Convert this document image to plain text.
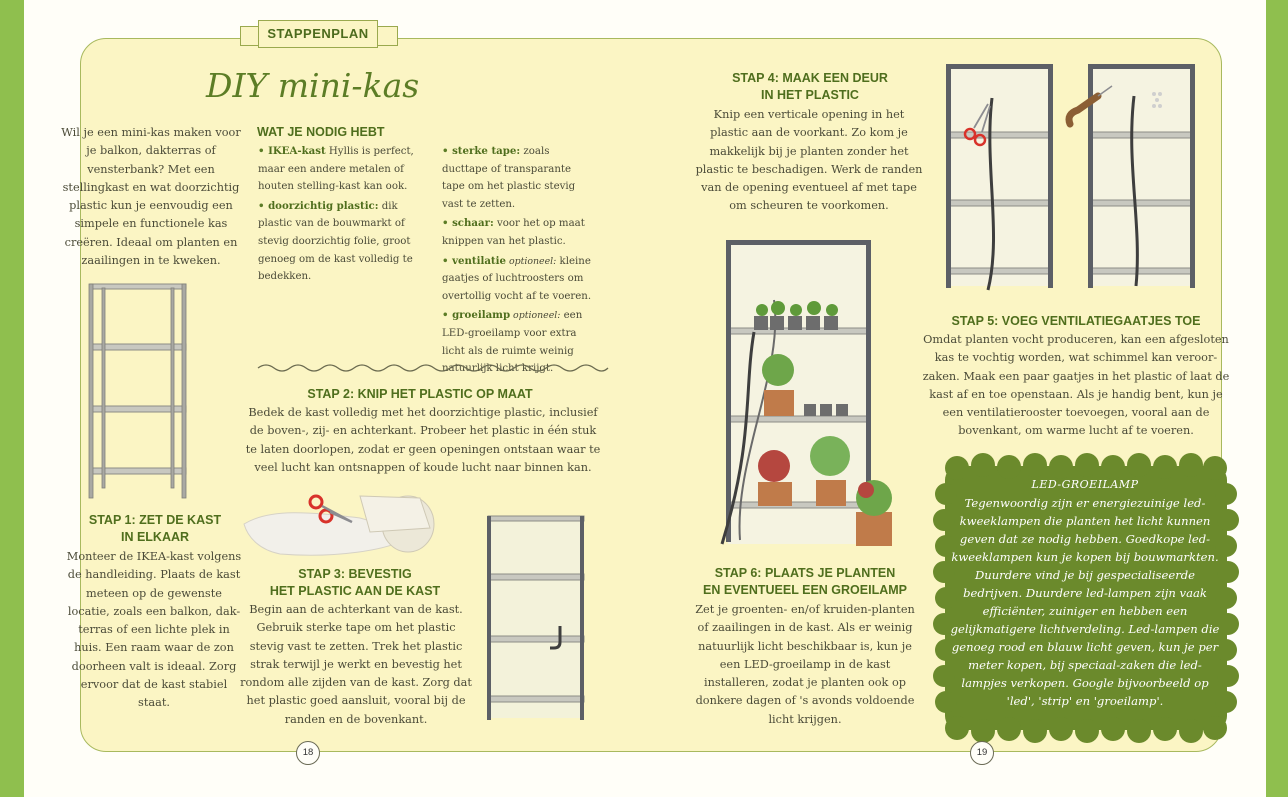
STAPPENPLAN
DIY mini-kas
Wil je een mini-kas maken voor je balkon, dakterras of vensterbank? Met een stellingkast en wat doorzichtig plastic kun je eenvoudig een simpele en functionele kas creëren. Ideaal om planten en zaailingen in te kweken.
WAT JE NODIG HEBT
• IKEA-kast Hyllis is perfect, maar een andere metalen of houten stelling-kast kan ook.
• doorzichtig plastic: dik plastic van de bouwmarkt of stevig doorzichtig folie, groot genoeg om de kast volledig te bedekken.
• sterke tape: zoals ducttape of transparante tape om het plastic stevig vast te zetten.
• schaar: voor het op maat knippen van het plastic.
• ventilatie optioneel: kleine gaatjes of luchtroosters om overtollig vocht af te voeren.
• groeilamp optioneel: een LED-groeilamp voor extra licht als de ruimte weinig natuurlijk licht krijgt.
STAP 1: ZET DE KAST
IN ELKAAR
Monteer de IKEA-kast volgens de handleiding. Plaats de kast meteen op de gewenste locatie, zoals een balkon, dak-terras of een lichte plek in huis. Een raam waar de zon doorheen valt is ideaal. Zorg ervoor dat de kast stabiel staat.
STAP 2: KNIP HET PLASTIC OP MAAT
Bedek de kast volledig met het doorzichtige plastic, inclusief de boven-, zij- en achterkant. Probeer het plastic in één stuk te laten doorlopen, zodat er geen openingen ontstaan waar te veel lucht kan ontsnappen of koude lucht naar binnen kan.
STAP 3: BEVESTIG
HET PLASTIC AAN DE KAST
Begin aan de achterkant van de kast. Gebruik sterke tape om het plastic stevig vast te zetten. Trek het plastic strak terwijl je werkt en bevestig het rondom alle zijden van de kast. Zorg dat het plastic goed aansluit, vooral bij de randen en de bovenkant.
STAP 4: MAAK EEN DEUR
IN HET PLASTIC
Knip een verticale opening in het plastic aan de voorkant. Zo kom je makkelijk bij je planten zonder het plastic te beschadigen. Werk de randen van de opening eventueel af met tape om scheuren te voorkomen.
STAP 5: VOEG VENTILATIEGAATJES TOE
Omdat planten vocht produceren, kan een afgesloten kas te vochtig worden, wat schimmel kan veroor-zaken. Maak een paar gaatjes in het plastic of laat de kast af en toe openstaan. Als je handig bent, kun je een ventilatierooster toevoegen, vooral aan de bovenkant, om warme lucht af te voeren.
STAP 6: PLAATS JE PLANTEN
EN EVENTUEEL EEN GROEILAMP
Zet je groenten- en/of kruiden-planten of zaailingen in de kast. Als er weinig natuurlijk licht beschikbaar is, kun je een LED-groeilamp in de kast installeren, zodat je planten ook op donkere dagen of 's avonds voldoende licht krijgen.
LED-GROEILAMP
Tegenwoordig zijn er energiezuinige led-kweeklampen die planten het licht kunnen geven dat ze nodig hebben. Goedkope led-kweeklampen kun je kopen bij bouwmarkten. Duurdere vind je bij gespecialiseerde bedrijven. Duurdere led-lampen zijn vaak efficiënter, zuiniger en hebben een gelijkmatigere lichtverdeling. Led-lampen die genoeg rood en blauw licht geven, kun je per meter kopen, bij speciaal-zaken die led-lampjes verkopen. Google bijvoorbeeld op 'led', 'strip' en 'groeilamp'.
18	19
